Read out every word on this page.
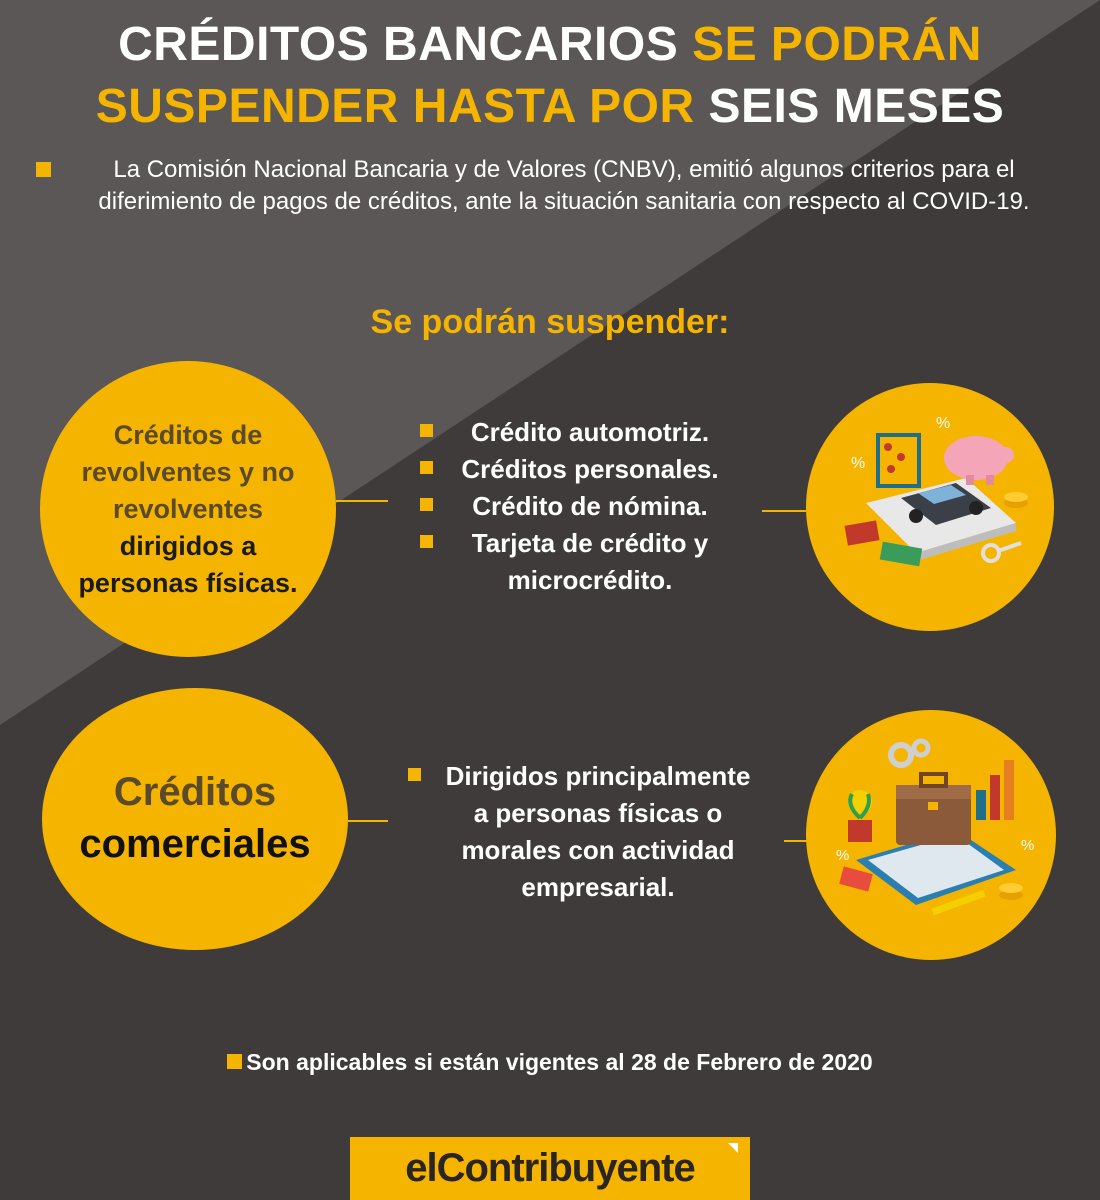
CRÉDITOS BANCARIOS SE PODRÁN
SUSPENDER HASTA POR SEIS MESES
La Comisión Nacional Bancaria y de Valores (CNBV), emitió algunos criterios para el diferimiento de pagos de créditos, ante la situación sanitaria con respecto al COVID-19.
Se podrán suspender:
Créditos de
revolventes y no
revolventes
dirigidos a
personas físicas.
Crédito automotriz.
Créditos personales.
Crédito de nómina.
Tarjeta de crédito y
microcrédito.
%
%
Créditos
comerciales
Dirigidos principalmente
a personas físicas o
morales con actividad
empresarial.
%
%
Son aplicables si están vigentes al 28 de Febrero de 2020
elContribuyente
